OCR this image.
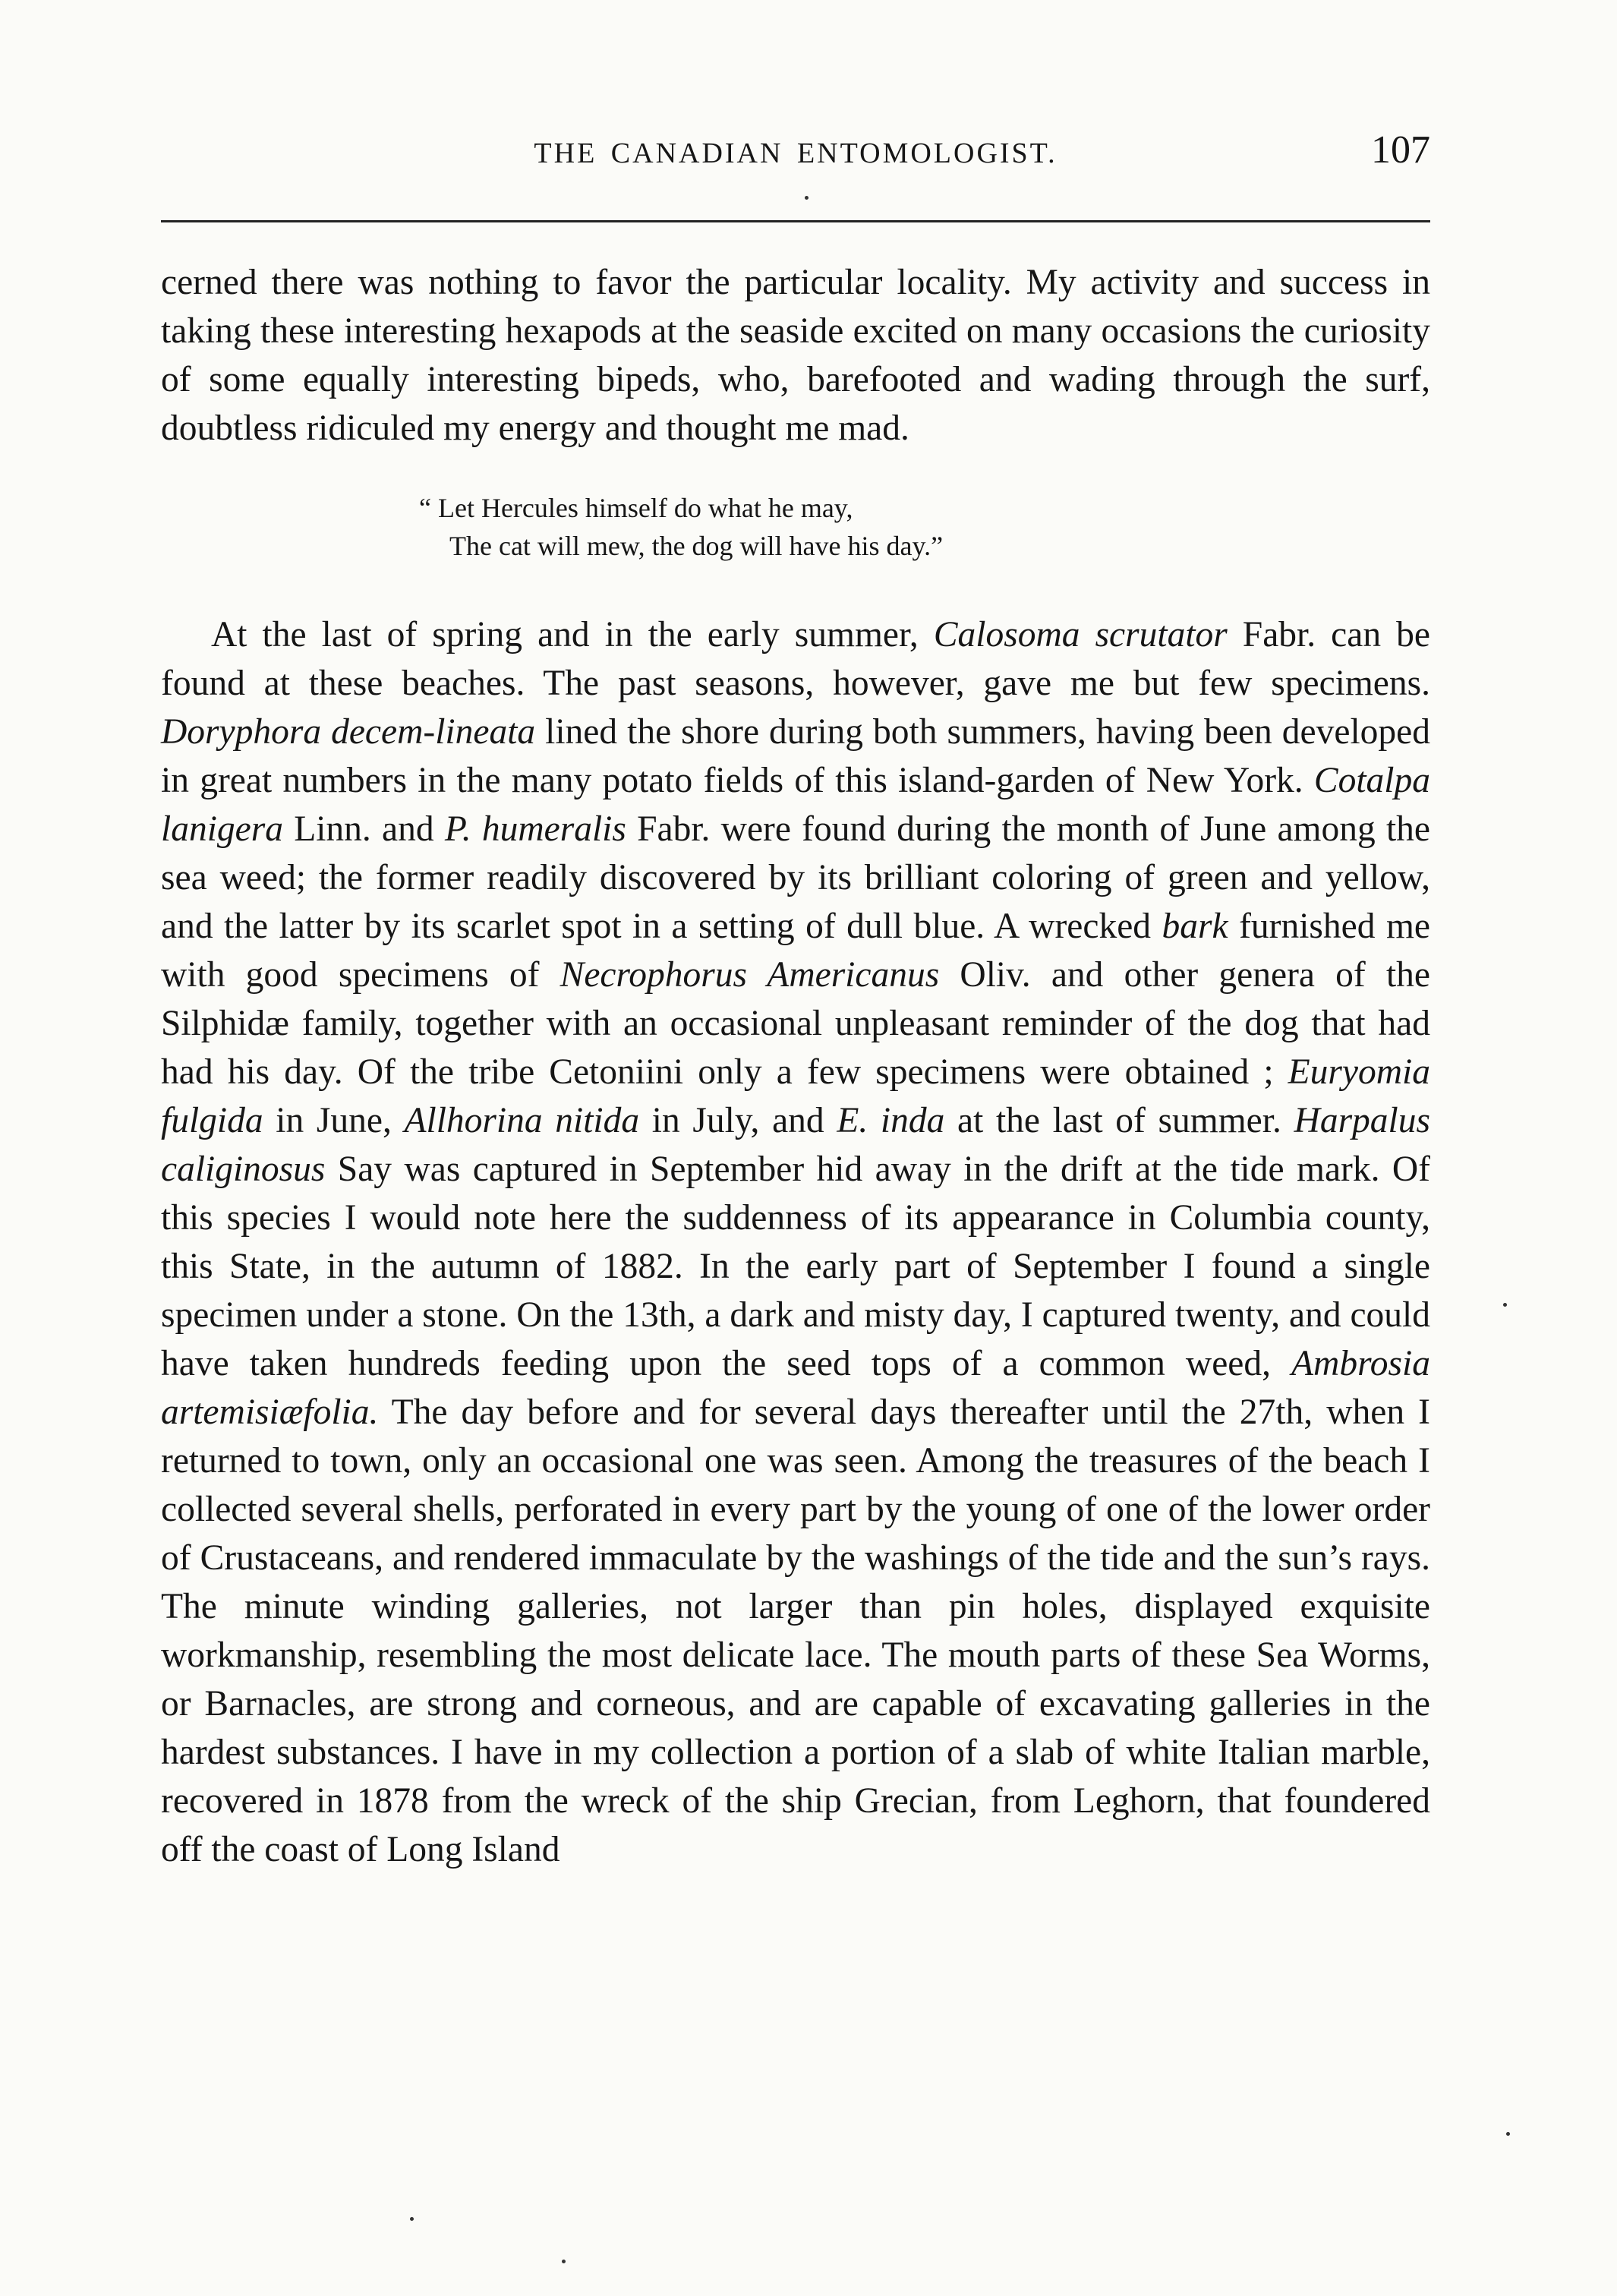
THE CANADIAN ENTOMOLOGIST.	107

cerned there was nothing to favor the particular locality. My activity and success in taking these interesting hexapods at the seaside excited on many occasions the curiosity of some equally interesting bipeds, who, barefooted and wading through the surf, doubtless ridiculed my energy and thought me mad.

“ Let Hercules himself do what he may,
The cat will mew, the dog will have his day.”

At the last of spring and in the early summer, Calosoma scrutator Fabr. can be found at these beaches. The past seasons, however, gave me but few specimens. Doryphora decem-lineata lined the shore during both summers, having been developed in great numbers in the many potato fields of this island-garden of New York. Cotalpa lanigera Linn. and P. humeralis Fabr. were found during the month of June among the sea weed; the former readily discovered by its brilliant coloring of green and yellow, and the latter by its scarlet spot in a setting of dull blue. A wrecked bark furnished me with good specimens of Necrophorus Americanus Oliv. and other genera of the Silphidæ family, together with an occasional unpleasant reminder of the dog that had had his day. Of the tribe Cetoniini only a few specimens were obtained ; Euryomia fulgida in June, Allhorina nitida in July, and E. inda at the last of summer. Harpalus caliginosus Say was captured in September hid away in the drift at the tide mark. Of this species I would note here the suddenness of its appearance in Columbia county, this State, in the autumn of 1882. In the early part of September I found a single specimen under a stone. On the 13th, a dark and misty day, I captured twenty, and could have taken hundreds feeding upon the seed tops of a common weed, Ambrosia artemisiæfolia. The day before and for several days thereafter until the 27th, when I returned to town, only an occasional one was seen. Among the treasures of the beach I collected several shells, perforated in every part by the young of one of the lower order of Crustaceans, and rendered immaculate by the washings of the tide and the sun’s rays. The minute winding galleries, not larger than pin holes, displayed exquisite workmanship, resembling the most delicate lace. The mouth parts of these Sea Worms, or Barnacles, are strong and corneous, and are capable of excavating galleries in the hardest substances. I have in my collection a portion of a slab of white Italian marble, recovered in 1878 from the wreck of the ship Grecian, from Leghorn, that foundered off the coast of Long Island
